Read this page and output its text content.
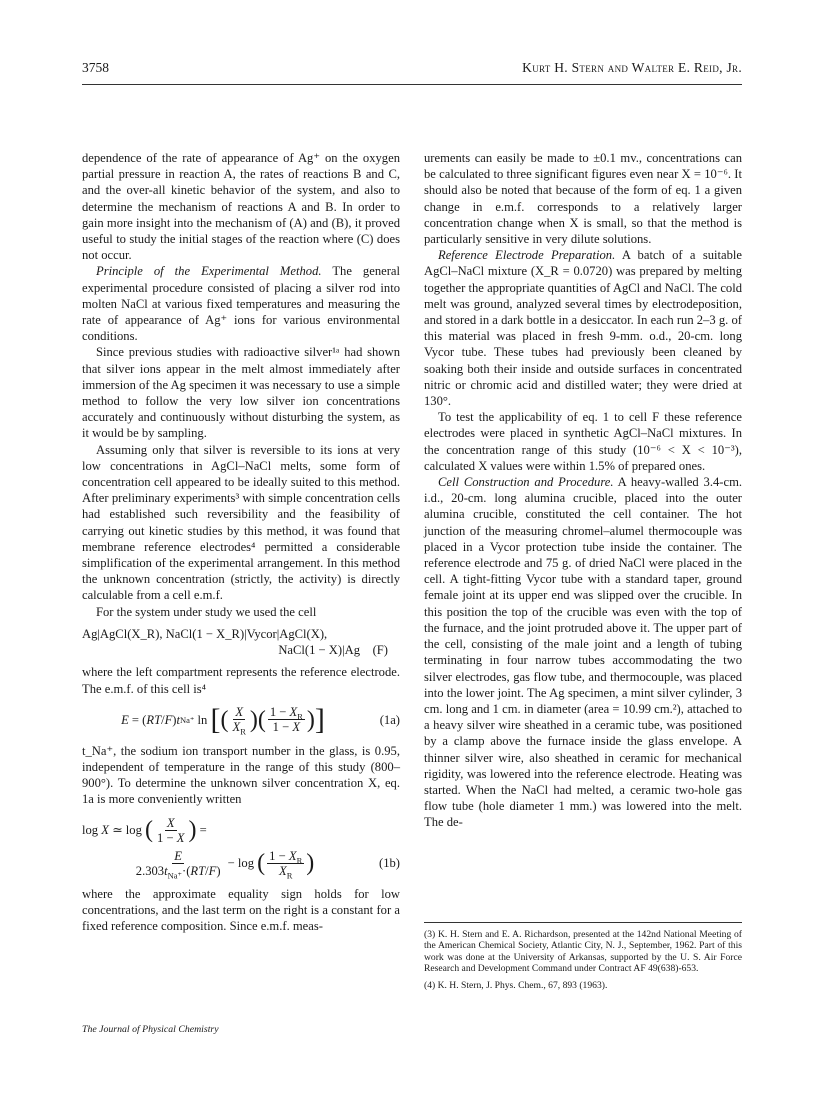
3758	Kurt H. Stern and Walter E. Reid, Jr.

dependence of the rate of appearance of Ag⁺ on the oxygen partial pressure in reaction A, the rates of reactions B and C, and the over-all kinetic behavior of the system, and also to determine the mechanism of reactions A and B. In order to gain more insight into the mechanism of (A) and (B), it proved useful to study the initial stages of the reaction where (C) does not occur.

Principle of the Experimental Method. The general experimental procedure consisted of placing a silver rod into molten NaCl at various fixed temperatures and measuring the rate of appearance of Ag⁺ ions for various environmental conditions.

Since previous studies with radioactive silver¹ᵃ had shown that silver ions appear in the melt almost immediately after immersion of the Ag specimen it was necessary to use a simple method to follow the very low silver ion concentrations accurately and continuously without disturbing the system, as it would be by sampling.

Assuming only that silver is reversible to its ions at very low concentrations in AgCl–NaCl melts, some form of concentration cell appeared to be ideally suited to this method. After preliminary experiments³ with simple concentration cells had established such reversibility and the feasibility of carrying out kinetic studies by this method, it was found that membrane reference electrodes⁴ permitted a considerable simplification of the experimental arrangement. In this method the unknown concentration (strictly, the activity) is directly calculable from a cell e.m.f.

For the system under study we used the cell

Ag|AgCl(X_R), NaCl(1 − X_R)|Vycor|AgCl(X),
NaCl(1 − X)|Ag (F)

where the left compartment represents the reference electrode. The e.m.f. of this cell is⁴

E = ( RT / F ) t Na⁺ ln [ ( $\frac{X}{X_R}$ )( $\frac{1 - X_R}{1 - X}$ ) ]	(1a)

t_Na⁺, the sodium ion transport number in the glass, is 0.95, independent of temperature in the range of this study (800–900°). To determine the unknown silver concentration X, eq. 1a is more conveniently written

log X ≃ log ( $\frac{X}{1 - X}$ ) =
$\frac{E}{2.303t_{Na^+}\cdot(RT/F)} - \log$ ( $\frac{1 - X_R}{X_R}$ )	(1b)

where the approximate equality sign holds for low concentrations, and the last term on the right is a constant for a fixed reference composition. Since e.m.f. meas-

urements can easily be made to ±0.1 mv., concentrations can be calculated to three significant figures even near X = 10⁻⁶. It should also be noted that because of the form of eq. 1 a given change in e.m.f. corresponds to a relatively larger concentration change when X is small, so that the method is particularly sensitive in very dilute solutions.

Reference Electrode Preparation. A batch of a suitable AgCl–NaCl mixture (X_R = 0.0720) was prepared by melting together the appropriate quantities of AgCl and NaCl. The cold melt was ground, analyzed several times by electrodeposition, and stored in a dark bottle in a desiccator. In each run 2–3 g. of this material was placed in fresh 9-mm. o.d., 20-cm. long Vycor tube. These tubes had previously been cleaned by soaking both their inside and outside surfaces in concentrated nitric or chromic acid and distilled water; they were dried at 130°.

To test the applicability of eq. 1 to cell F these reference electrodes were placed in synthetic AgCl–NaCl mixtures. In the concentration range of this study (10⁻⁶ < X < 10⁻³), calculated X values were within 1.5% of prepared ones.

Cell Construction and Procedure. A heavy-walled 3.4-cm. i.d., 20-cm. long alumina crucible, placed into the outer alumina crucible, constituted the cell container. The hot junction of the measuring chromel–alumel thermocouple was placed in a Vycor protection tube inside the container. The reference electrode and 75 g. of dried NaCl were placed in the cell. A tight-fitting Vycor tube with a standard taper, ground female joint at its upper end was slipped over the crucible. In this position the top of the crucible was even with the top of the furnace, and the joint protruded above it. The upper part of the cell, consisting of the male joint and a length of tubing terminating in four narrow tubes accommodating the two silver electrodes, gas flow tube, and thermocouple, was placed into the lower joint. The Ag specimen, a mint silver cylinder, 3 cm. long and 1 cm. in diameter (area = 10.99 cm.²), attached to a heavy silver wire sheathed in a ceramic tube, was positioned by a clamp above the furnace inside the glass envelope. A thinner silver wire, also sheathed in ceramic for mechanical rigidity, was lowered into the reference electrode. Heating was started. When the NaCl had melted, a ceramic two-hole gas flow tube (hole diameter 1 mm.) was lowered into the melt. The de-

(3) K. H. Stern and E. A. Richardson, presented at the 142nd National Meeting of the American Chemical Society, Atlantic City, N. J., September, 1962. Part of this work was done at the University of Arkansas, supported by the U. S. Air Force Research and Development Command under Contract AF 49(638)-653.

(4) K. H. Stern, J. Phys. Chem., 67, 893 (1963).

The Journal of Physical Chemistry
